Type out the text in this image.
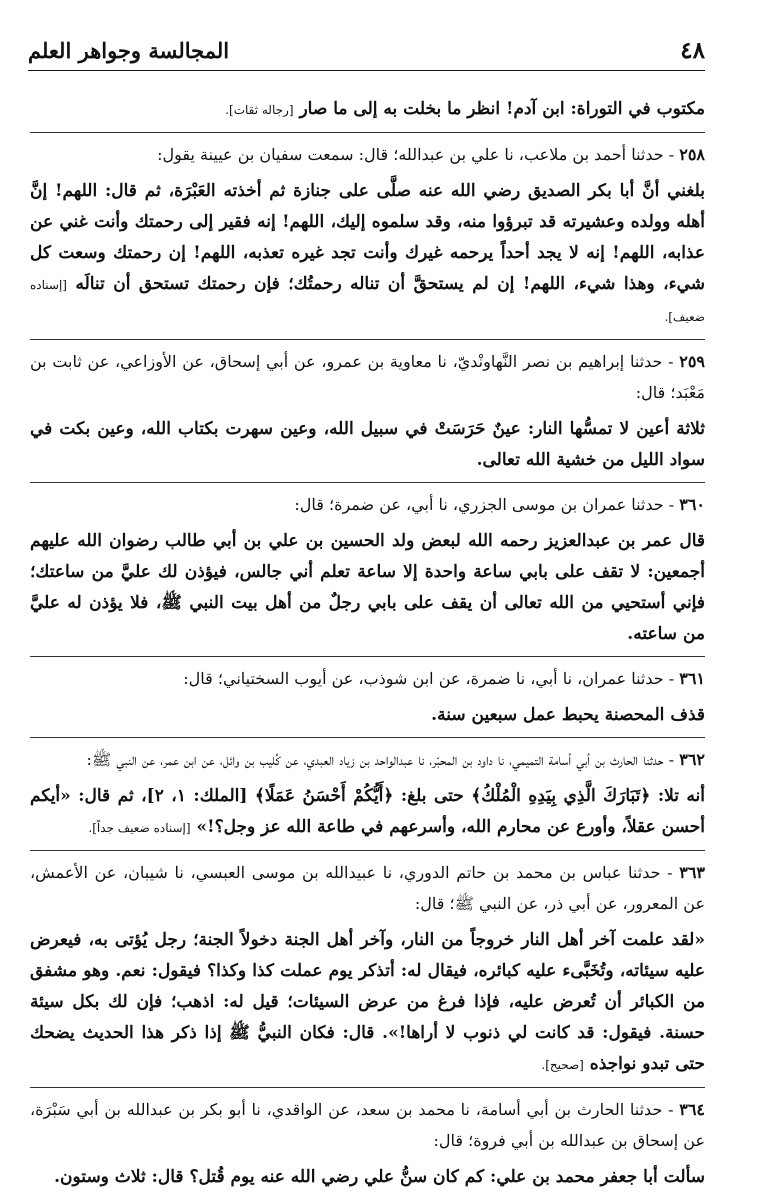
٤٨
المجالسة وجواهر العلم

مكتوب في التوراة: ابن آدم! انظر ما بخلت به إلى ما صار [رجاله ثقات].

٢٥٨ - حدثنا أحمد بن ملاعب، نا علي بن عبدالله؛ قال: سمعت سفيان بن عيينة يقول:

بلغني أنَّ أبا بكر الصديق رضي الله عنه صلَّى على جنازة ثم أخذته العَبْرَة، ثم قال: اللهم! إنَّ أهله وولده وعشيرته قد تبرؤوا منه، وقد سلموه إليك، اللهم! إنه فقير إلى رحمتك وأنت غني عن عذابه، اللهم! إنه لا يجد أحداً يرحمه غيرك وأنت تجد غيره تعذبه، اللهم! إن رحمتك وسعت كل شيء، وهذا شيء، اللهم! إن لم يستحقَّ أن تناله رحمتُك؛ فإن رحمتك تستحق أن تنالَه [إسناده ضعيف].

٢٥٩ - حدثنا إبراهيم بن نصر النَّهاونْديّ، نا معاوية بن عمرو، عن أبي إسحاق، عن الأوزاعي، عن ثابت بن مَعْبَد؛ قال:

ثلاثة أعين لا تمسُّها النار: عينٌ حَرَسَتْ في سبيل الله، وعين سهرت بكتاب الله، وعين بكت في سواد الليل من خشية الله تعالى.

٣٦٠ - حدثنا عمران بن موسى الجزري، نا أبي، عن ضمرة؛ قال:

قال عمر بن عبدالعزيز رحمه الله لبعض ولد الحسين بن علي بن أبي طالب رضوان الله عليهم أجمعين: لا تقف على بابي ساعة واحدة إلا ساعة تعلم أني جالس، فيؤذن لك عليَّ من ساعتك؛ فإني أستحيي من الله تعالى أن يقف على بابي رجلٌ من أهل بيت النبي ﷺ، فلا يؤذن له عليَّ من ساعته.

٣٦١ - حدثنا عمران، نا أبي، نا ضمرة، عن ابن شوذب، عن أيوب السختياني؛ قال:

قذف المحصنة يحبط عمل سبعين سنة.

٣٦٢ - حدثنا الحارث بن أبي أسامة التميمي، نا داود بن المحبّر، نا عبدالواحد بن زياد العبدي، عن كُليب بن وائل، عن ابن عمر، عن النبي ﷺ:

أنه تلا: ﴿تَبَارَكَ الَّذِي بِيَدِهِ الْمُلْكُ﴾ حتى بلغ: ﴿أَيُّكُمْ أَحْسَنُ عَمَلًا﴾ [الملك: ١، ٢]، ثم قال: «أيكم أحسن عقلاً، وأورع عن محارم الله، وأسرعهم في طاعة الله عز وجل؟!» [إسناده ضعيف جداً].

٣٦٣ - حدثنا عباس بن محمد بن حاتم الدوري، نا عبيدالله بن موسى العبسي، نا شيبان، عن الأعمش، عن المعرور، عن أبي ذر، عن النبي ﷺ؛ قال:

«لقد علمت آخر أهل النار خروجاً من النار، وآخر أهل الجنة دخولاً الجنة؛ رجل يُؤتى به، فيعرض عليه سيئاته، وتُخَبَّىء عليه كبائره، فيقال له: أتذكر يوم عملت كذا وكذا؟ فيقول: نعم. وهو مشفق من الكبائر أن تُعرض عليه، فإذا فرغ من عرض السيئات؛ قيل له: اذهب؛ فإن لك بكل سيئة حسنة. فيقول: قد كانت لي ذنوب لا أراها!». قال: فكان النبيُّ ﷺ إذا ذكر هذا الحديث يضحك حتى تبدو نواجذه [صحيح].

٣٦٤ - حدثنا الحارث بن أبي أسامة، نا محمد بن سعد، عن الواقدي، نا أبو بكر بن عبدالله بن أبي سَبْرَة، عن إسحاق بن عبدالله بن أبي فروة؛ قال:

سألت أبا جعفر محمد بن علي: كم كان سنُّ علي رضي الله عنه يوم قُتل؟ قال: ثلاث وستون.
